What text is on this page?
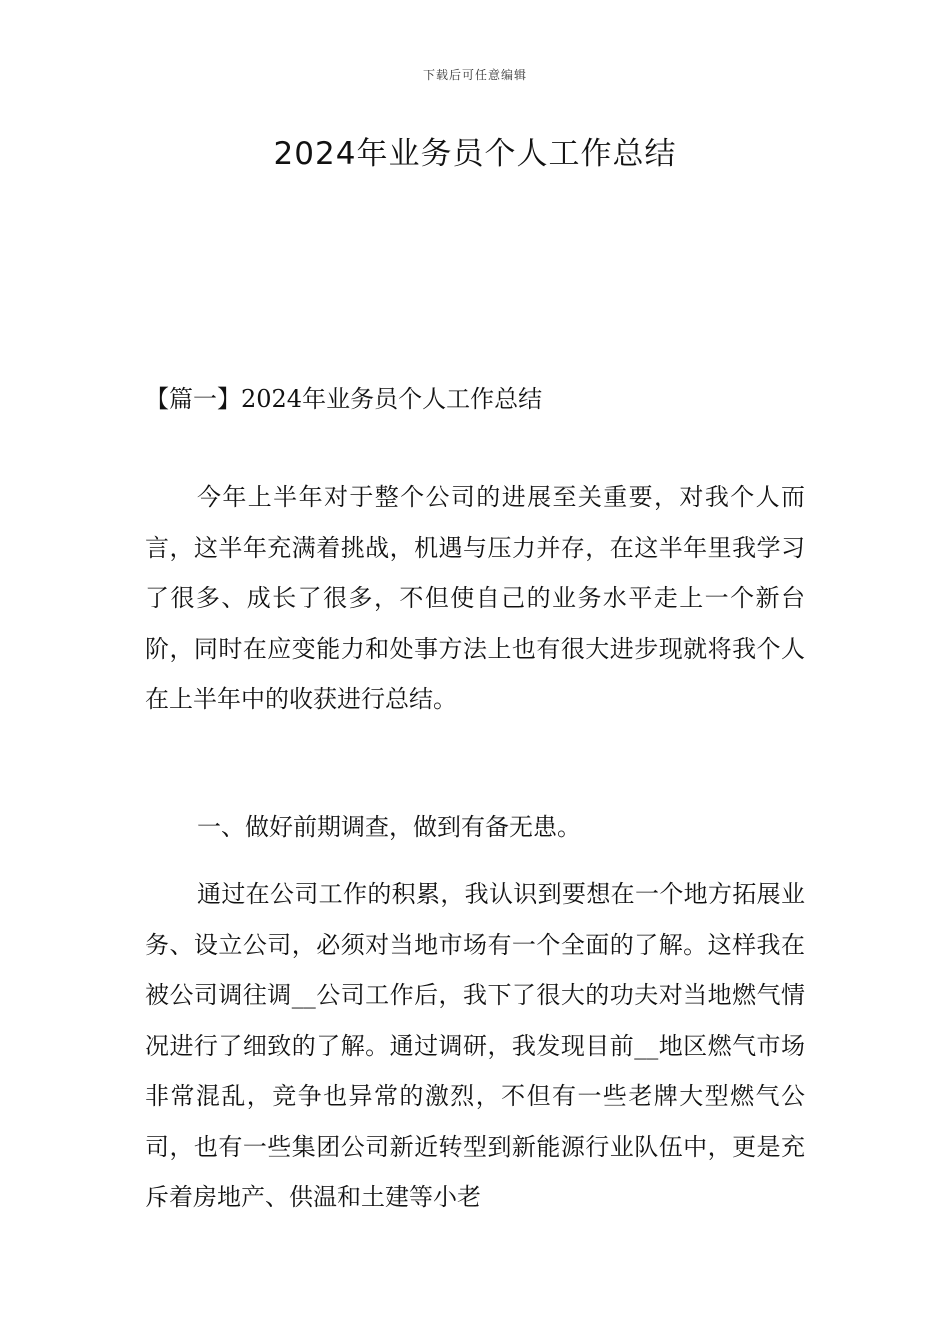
下载后可任意编辑
2024年业务员个人工作总结
【篇一】2024年业务员个人工作总结

今年上半年对于整个公司的进展至关重要，对我个人而言，这半年充满着挑战，机遇与压力并存，在这半年里我学习了很多、成长了很多，不但使自己的业务水平走上一个新台阶，同时在应变能力和处事方法上也有很大进步现就将我个人在上半年中的收获进行总结。

一、做好前期调查，做到有备无患。

通过在公司工作的积累，我认识到要想在一个地方拓展业务、设立公司，必须对当地市场有一个全面的了解。这样我在被公司调往调__公司工作后，我下了很大的功夫对当地燃气情况进行了细致的了解。通过调研，我发现目前__地区燃气市场非常混乱，竞争也异常的激烈，不但有一些老牌大型燃气公司，也有一些集团公司新近转型到新能源行业队伍中，更是充斥着房地产、供温和土建等小老
